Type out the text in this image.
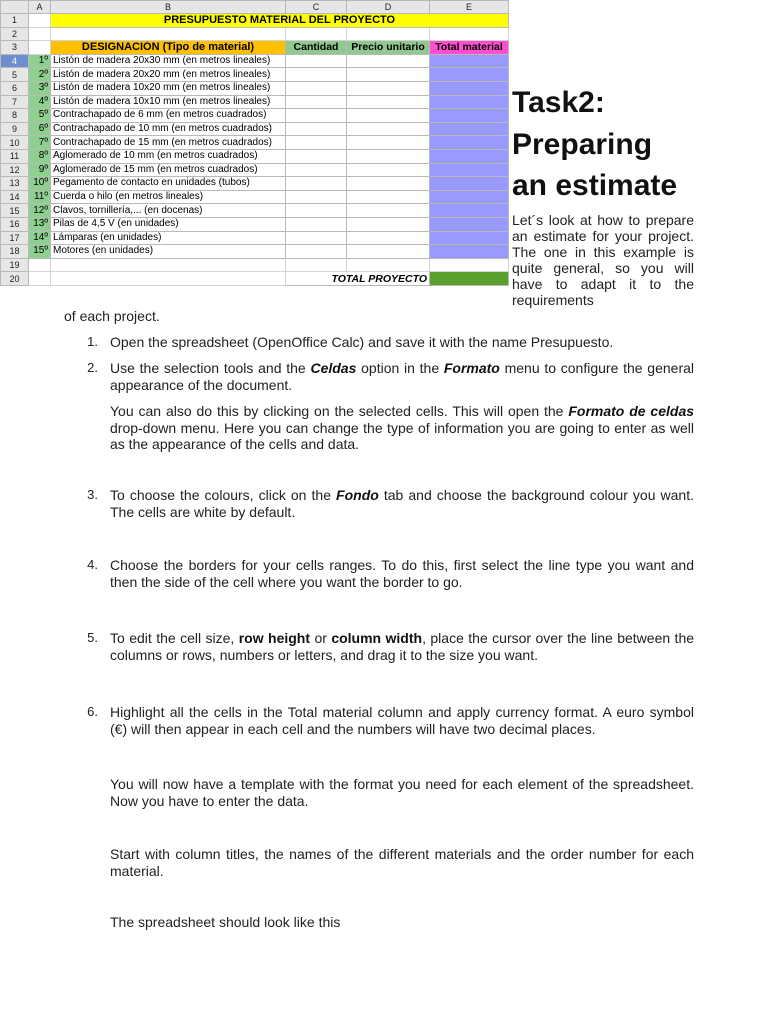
	A	B	C	D	E
1		PRESUPUESTO MATERIAL DEL PROYECTO			
2					
3		DESIGNACIÓN (Tipo de material)	Cantidad	Precio unitario	Total material
4	1º	Listón de madera 20x30 mm (en metros lineales)			
5	2º	Listón de madera 20x20 mm (en metros lineales)			
6	3º	Listón de madera 10x20 mm (en metros lineales)			
7	4º	Listón de madera 10x10 mm (en metros lineales)			
8	5º	Contrachapado de 6 mm (en metros cuadrados)			
9	6º	Contrachapado de 10 mm (en metros cuadrados)			
10	7º	Contrachapado de 15 mm (en metros cuadrados)			
11	8º	Aglomerado de 10 mm (en metros cuadrados)			
12	9º	Aglomerado de 15 mm (en metros cuadrados)			
13	10º	Pegamento de contacto en unidades (tubos)			
14	11º	Cuerda o hilo (en metros lineales)			
15	12º	Clavos, tornillería,... (en docenas)			
16	13º	Pilas de 4,5 V (en unidades)			
17	14º	Lámparas (en unidades)			
18	15º	Motores (en unidades)			
19					
20			TOTAL PROYECTO		
Task2:
Preparing
an estimate

Let´s look at how to prepare an estimate for your project. The one in this example is quite general, so you will have to adapt it to the requirements

of each project.

1. Open the spreadsheet (OpenOffice Calc) and save it with the name Presupuesto.

2. Use the selection tools and the Celdas option in the Formato menu to configure the general appearance of the document.

You can also do this by clicking on the selected cells. This will open the Formato de celdas drop-down menu. Here you can change the type of information you are going to enter as well as the appearance of the cells and data.

3. To choose the colours, click on the Fondo tab and choose the background colour you want. The cells are white by default.

4. Choose the borders for your cells ranges. To do this, first select the line type you want and then the side of the cell where you want the border to go.

5. To edit the cell size, row height or column width, place the cursor over the line between the columns or rows, numbers or letters, and drag it to the size you want.

6. Highlight all the cells in the Total material column and apply currency format. A euro symbol (€) will then appear in each cell and the numbers will have two decimal places.

You will now have a template with the format you need for each element of the spreadsheet. Now you have to enter the data.

Start with column titles, the names of the different materials and the order number for each material.

The spreadsheet should look like this
